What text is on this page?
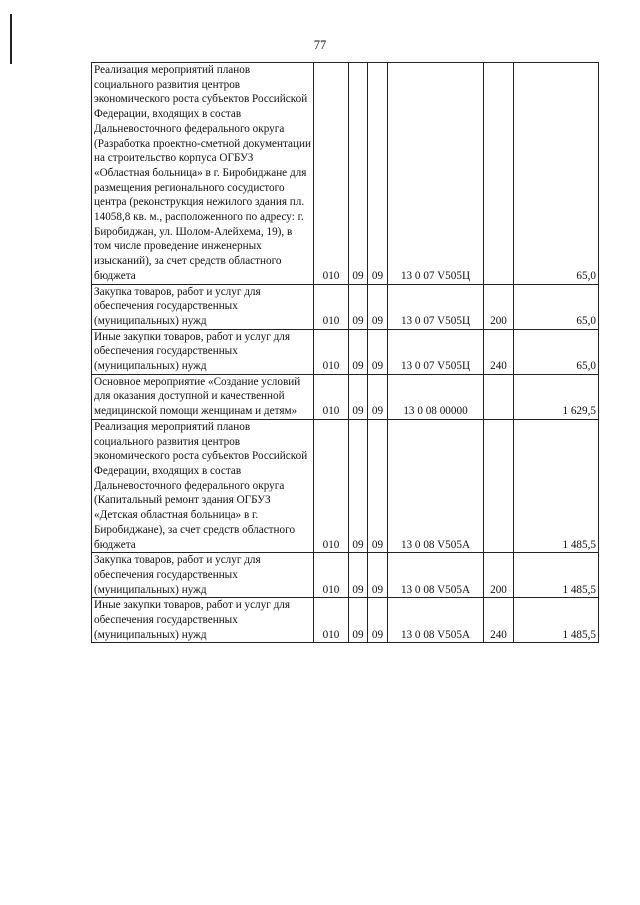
77
Реализация мероприятий планов социального развития центров экономического роста субъектов Российской Федерации, входящих в состав Дальневосточного федерального округа (Разработка проектно-сметной документации на строительство корпуса ОГБУЗ «Областная больница» в г. Биробиджане для размещения регионального сосудистого центра (реконструкция нежилого здания пл. 14058,8 кв. м., расположенного по адресу: г. Биробиджан, ул. Шолом-Алейхема, 19), в том числе проведение инженерных изысканий), за счет средств областного бюджета	010	09	09	13 0 07 V505Ц		65,0
Закупка товаров, работ и услуг для обеспечения государственных (муниципальных) нужд	010	09	09	13 0 07 V505Ц	200	65,0
Иные закупки товаров, работ и услуг для обеспечения государственных (муниципальных) нужд	010	09	09	13 0 07 V505Ц	240	65,0
Основное мероприятие «Создание условий для оказания доступной и качественной медицинской помощи женщинам и детям»	010	09	09	13 0 08 00000		1 629,5
Реализация мероприятий планов социального развития центров экономического роста субъектов Российской Федерации, входящих в состав Дальневосточного федерального округа (Капитальный ремонт здания ОГБУЗ «Детская областная больница» в г. Биробиджане), за счет средств областного бюджета	010	09	09	13 0 08 V505А		1 485,5
Закупка товаров, работ и услуг для обеспечения государственных (муниципальных) нужд	010	09	09	13 0 08 V505А	200	1 485,5
Иные закупки товаров, работ и услуг для обеспечения государственных (муниципальных) нужд	010	09	09	13 0 08 V505А	240	1 485,5
